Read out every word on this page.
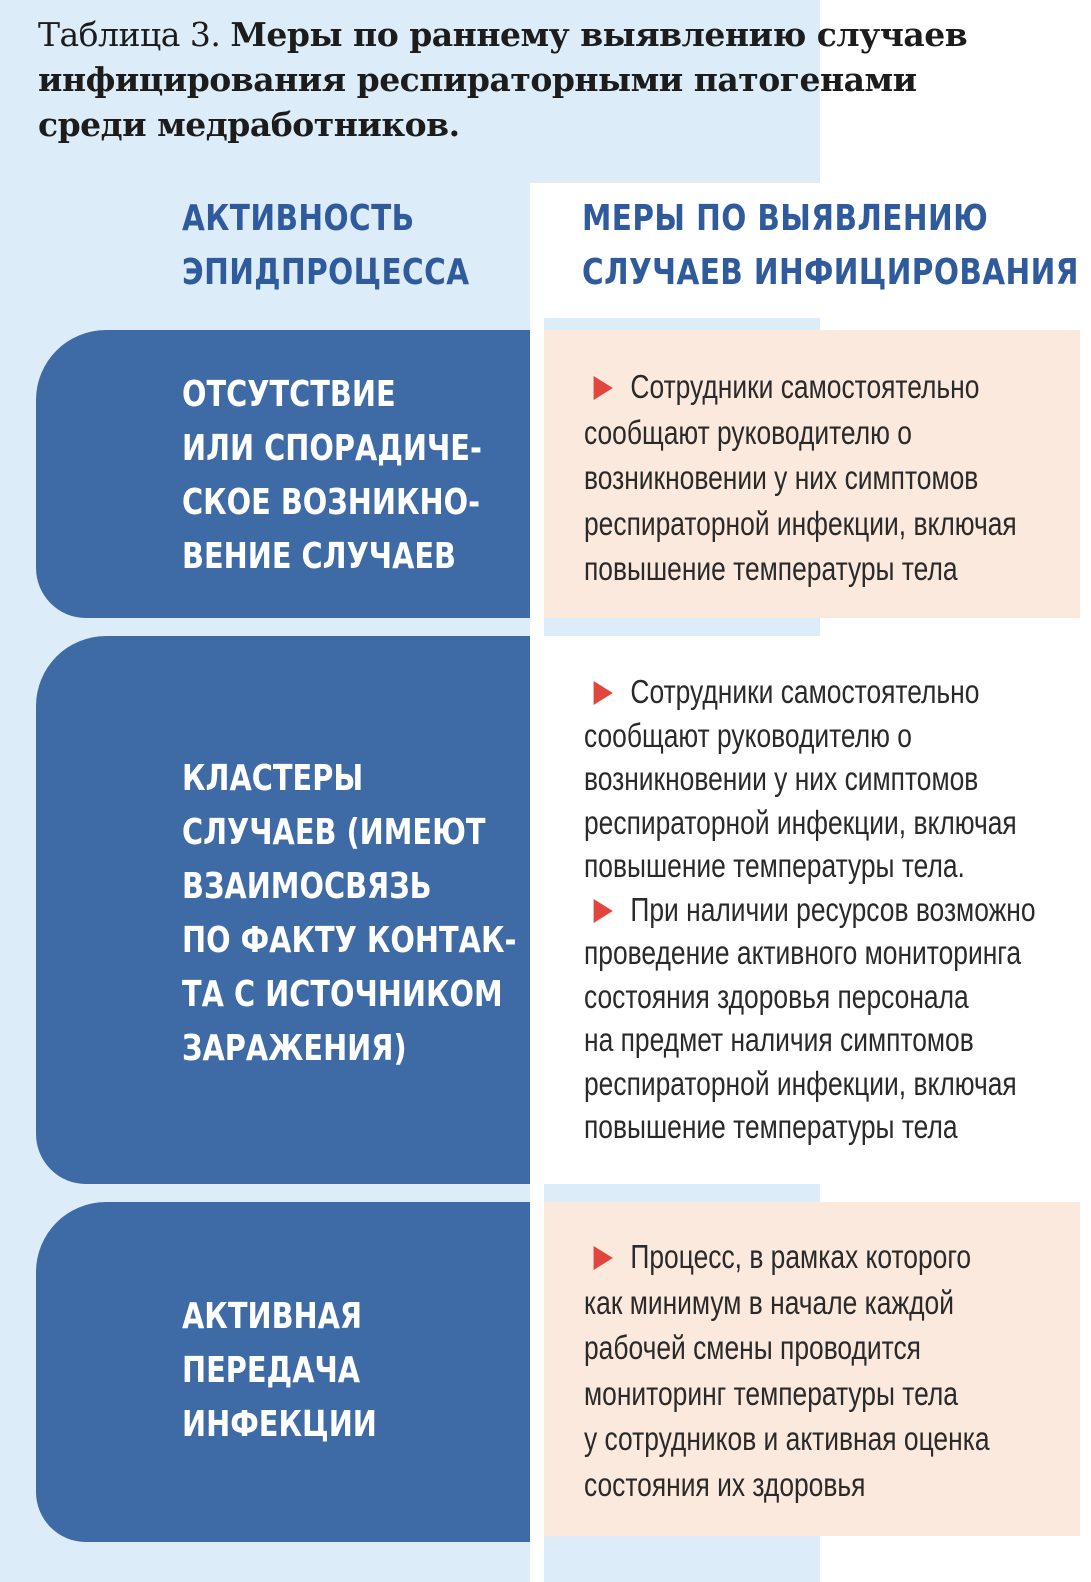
Таблица 3. Меры по раннему выявлению случаев
инфицирования респираторными патогенами
среди медработников.
АКТИВНОСТЬ
ЭПИДПРОЦЕССА
МЕРЫ ПО ВЫЯВЛЕНИЮ
СЛУЧАЕВ ИНФИЦИРОВАНИЯ
ОТСУТСТВИЕ
ИЛИ СПОРАДИЧЕ-
СКОЕ ВОЗНИКНО-
ВЕНИЕ СЛУЧАЕВ
Сотрудники самостоятельно
сообщают руководителю о
возникновении у них симптомов
респираторной инфекции, включая
повышение температуры тела
КЛАСТЕРЫ
СЛУЧАЕВ (ИМЕЮТ
ВЗАИМОСВЯЗЬ
ПО ФАКТУ КОНТАК-
ТА С ИСТОЧНИКОМ
ЗАРАЖЕНИЯ)
Сотрудники самостоятельно
сообщают руководителю о
возникновении у них симптомов
респираторной инфекции, включая
повышение температуры тела.
При наличии ресурсов возможно
проведение активного мониторинга
состояния здоровья персонала
на предмет наличия симптомов
респираторной инфекции, включая
повышение температуры тела
АКТИВНАЯ
ПЕРЕДАЧА
ИНФЕКЦИИ
Процесс, в рамках которого
как минимум в начале каждой
рабочей смены проводится
мониторинг температуры тела
у сотрудников и активная оценка
состояния их здоровья
